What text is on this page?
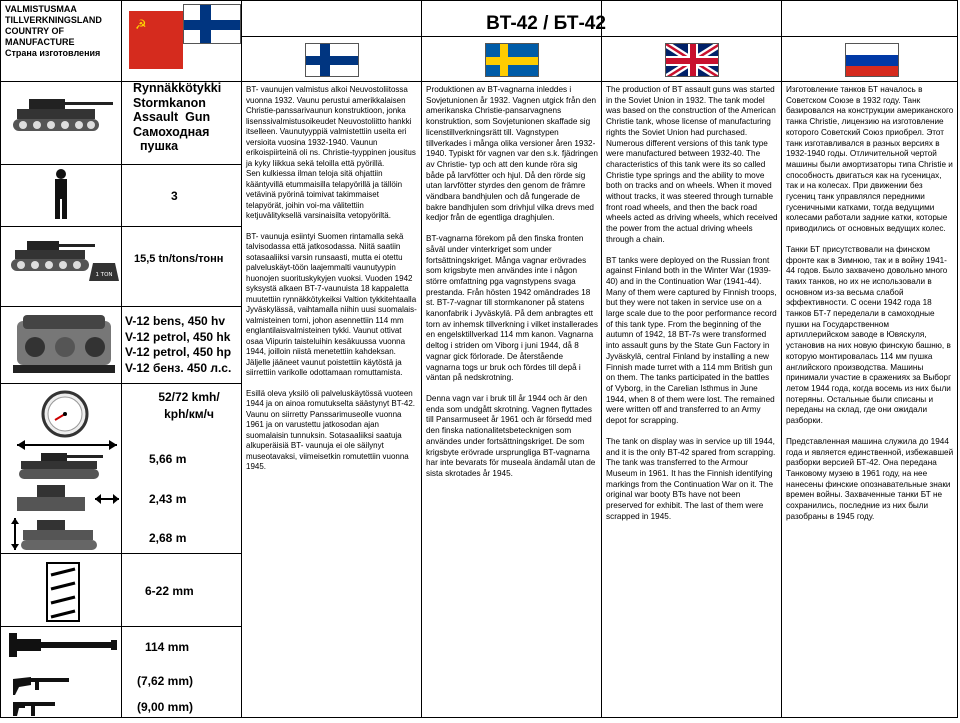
VALMISTUSMAA
TILLVERKNINGSLAND
COUNTRY OF
MANUFACTURE
Страна изготовления
BT-42 / БТ-42
☭
1 TON
Rynnäkkötykki
Stormkanon
Assault  Gun
Самоходная
пушка
3
15,5 tn/tons/тонн
V-12 bens, 450 hv
V-12 petrol, 450 hk
V-12 petrol, 450 hp
V-12 бенз. 450 л.с.
52/72 kmh/
kph/км/ч
5,66 m
2,43 m
2,68 m
6-22 mm
114 mm
(7,62 mm)
(9,00 mm)

BT- vaunujen valmistus alkoi Neuvostoliitossa vuonna 1932. Vaunu perustui amerikkalaisen Christie-panssarivaunun konstruktioon, jonka lisenssivalmistusoikeudet Neuvostoliitto hankki itselleen. Vaunutyyppiä valmistettiin useita eri versioita vuosina 1932-1940. Vaunun erikoispiirteinä oli ns. Christie-tyyppinen jousitus ja kyky liikkua sekä teloilla että pyörillä.
Sen kulkiessa ilman teloja sitä ohjattiin kääntyvillä etummaisilla telapyörillä ja tällöin vetävinä pyörinä toimivat takimmaiset telapyörät, joihin voi-ma välitettiin ketjuvälityksellä varsinaisilta vetopyöriltä.

BT- vaunuja esiintyi Suomen rintamalla sekä talvisodassa että jatkosodassa. Niitä saatiin sotasaaliiksi varsin runsaasti, mutta ei otettu palveluskäyt-töön laajemmalti vaunutyypin huonojen suorituskykyjen vuoksi. Vuoden 1942 syksystä alkaen BT-7-vaunuista 18 kappaletta muutettiin rynnäkkötykeiksi Valtion tykkitehtaalla Jyväskylässä, vaihtamalla niihin uusi suomalais-valmisteinen torni, johon asennettiin 114 mm englantilaisvalmisteinen tykki. Vaunut ottivat osaa Viipurin taisteluihin kesäkuussa vuonna 1944, joilloin niistä menetettiin kahdeksan. Jäljelle jääneet vaunut poistettiin käytöstä ja siirrettiin varikolle odottamaan romuttamista.

Esillä oleva yksilö oli palveluskäytössä vuoteen 1944 ja on ainoa romutukselta säästynyt BT-42. Vaunu on siirretty Panssarimuseolle vuonna 1961 ja on varustettu jatkosodan ajan suomalaisin tunnuksin. Sotasaaliiksi saatuja alkuperäisiä BT- vaunuja ei ole säilynyt museotavaksi, viimeisetkin romutettiin vuonna 1945.

Produktionen av BT-vagnarna inleddes i Sovjetunionen år 1932. Vagnen utgick från den amerikanska Christie-pansarvagnens konstruktion, som Sovjetunionen skaffade sig licenstillverkningsrätt till. Vagnstypen tillverkades i många olika versioner åren 1932-1940. Typiskt för vagnen var den s.k. fjädringen av Christie- typ och att den kunde röra sig både på larvfötter och hjul. Då den rörde sig utan larvfötter styrdes den genom de främre vändbara bandhjulen och då fungerade de bakre bandhjulen som drivhjul vilka drevs med kedjor från de egentliga draghjulen.

BT-vagnarna förekom på den finska fronten såväl under vinterkriget som under fortsättningskriget. Många vagnar erövrades som krigsbyte men användes inte i någon större omfattning pga vagnstypens svaga prestanda. Från hösten 1942 omändrades 18 st. BT-7-vagnar till stormkanoner på statens kanonfabrik i Jyväskylä. På dem anbragtes ett torn av inhemsk tillverkning i vilket installerades en engelsktillverkad 114 mm kanon. Vagnarna deltog i striden om Viborg i juni 1944, då 8 vagnar gick förlorade. De återstående vagnarna togs ur bruk och fördes till depå i väntan på nedskrotning.

Denna vagn var i bruk till år 1944 och är den enda som undgått skrotning. Vagnen flyttades till Pansarmuseet år 1961 och är försedd med den finska nationalitetsbetecknigen som användes under fortsättningskriget. De som krigsbyte erövrade ursprungliga BT-vagnarna har inte bevarats för museala ändamål utan de sista skrotades år 1945.

The production of BT assault guns was started in the Soviet Union in 1932. The tank model was based on the construction of the American Christie tank, whose license of manufacturing rights the Soviet Union had purchased. Numerous different versions of this tank type were manufactured between 1932-40. The characteristics of this tank were its so called Christie type springs and the ability to move both on tracks and on wheels. When it moved without tracks, it was steered through turnable front road wheels, and then the back road wheels acted as driving wheels, which received the power from the actual driving wheels through a chain.

BT tanks were deployed on the Russian front against Finland both in the Winter War (1939-40) and in the Continuation War (1941-44). Many of them were captured by Finnish troops, but they were not taken in service use on a large scale due to the poor performance record of this tank type. From the beginning of the autumn of 1942, 18 BT-7s were transformed into assault guns by the State Gun Factory in Jyväskylä, central Finland by installing a new Finnish made turret with a 114 mm British gun on them. The tanks participated in the battles of Vyborg, in the Carelian Isthmus in June 1944, when 8 of them were lost. The remained were written off and transferred to an Army depot for scrapping.

The tank on display was in service up till 1944, and it is the only BT-42 spared from scrapping. The tank was transferred to the Armour Museum in 1961. It has the Finnish identifying markings from the Continuation War on it. The original war booty BTs have not been preserved for exhibit. The last of them were scrapped in 1945.

Изготовление танков БТ началось в Советском Союзе в 1932 году. Танк базировался на конструкции американского танка Christie, лицензию на изготовление которого Советский Союз приобрел. Этот танк изготавливался в разных версиях в 1932-1940 годы. Отличительной чертой машины были амортизаторы типа Christie и способность двигаться как на гусеницах, так и на колесах. При движении без гусениц танк управлялся передними гусеничными катками, тогда ведущими колесами работали задние катки, которые приводились от основных ведущих колес.

Танки БТ присутствовали на финском фронте как в Зимнюю, так и в войну 1941-44 годов. Было захвачено довольно много таких танков, но их не использовали в основном из-за весьма слабой эффективности. С осени 1942 года 18 танков БТ-7 переделали в самоходные пушки на Государственном артиллерийском заводе в Ювяскуля, установив на них новую финскую башню, в которую монтировалась 114 мм пушка английского производства. Машины принимали участие в сражениях за Выборг летом 1944 года, когда восемь из них были потеряны. Остальные были списаны и переданы на склад, где они ожидали разборки.

Представленная машина служила до 1944 года и является единственной, избежавшей разборки версией БТ-42. Она передана Танковому музею в 1961 году, на нее нанесены финские опознавательные знаки времен войны. Захваченные танки БТ не сохранились, последние из них были разобраны в 1945 году.
